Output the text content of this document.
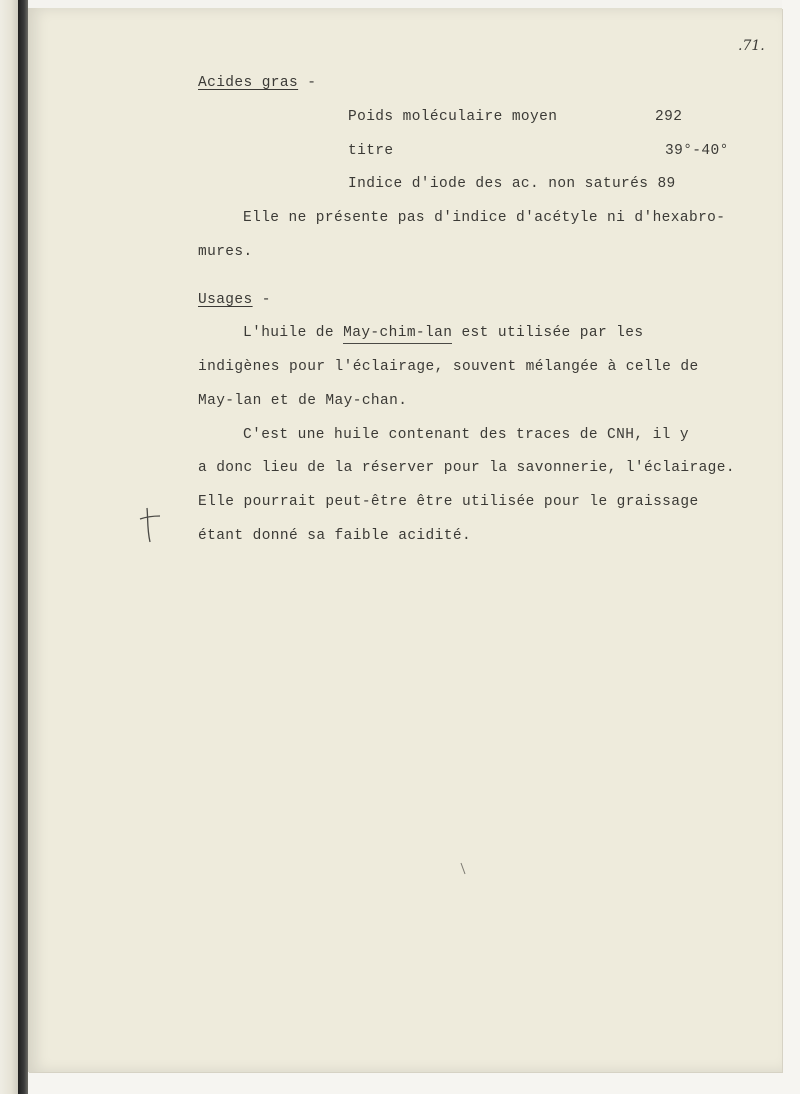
.71.
Acides gras -
Poids moléculaire moyen	292
titre	39°-40°
Indice d'iode des ac. non saturés 89
Elle ne présente pas d'indice d'acétyle ni d'hexabro-
mures.
Usages -
L'huile de May-chim-lan est utilisée par les
indigènes pour l'éclairage, souvent mélangée à celle de
May-lan et de May-chan.
C'est une huile contenant des traces de CNH, il y
a donc lieu de la réserver pour la savonnerie, l'éclairage.
Elle pourrait peut-être être utilisée pour le graissage
étant donné sa faible acidité.
